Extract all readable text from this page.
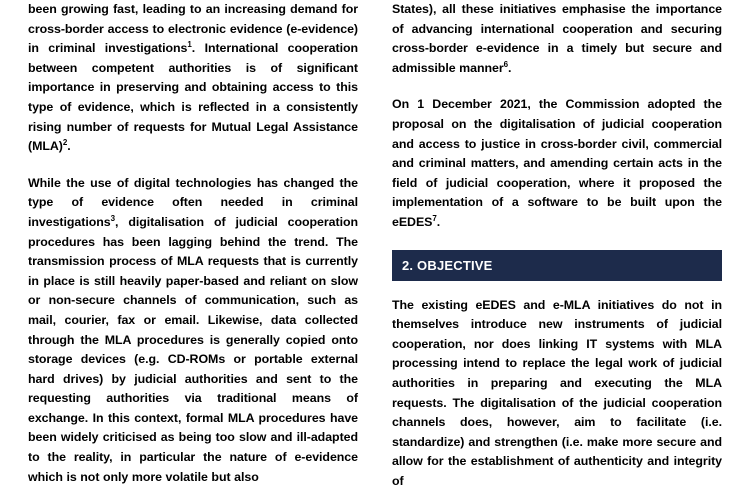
been growing fast, leading to an increasing demand for cross-border access to electronic evidence (e-evidence) in criminal investigations$^1$. International cooperation between competent authorities is of significant importance in preserving and obtaining access to this type of evidence, which is reflected in a consistently rising number of requests for Mutual Legal Assistance (MLA)$^2$.

While the use of digital technologies has changed the type of evidence often needed in criminal investigations$^3$, digitalisation of judicial cooperation procedures has been lagging behind the trend. The transmission process of MLA requests that is currently in place is still heavily paper-based and reliant on slow or non-secure channels of communication, such as mail, courier, fax or email. Likewise, data collected through the MLA procedures is generally copied onto storage devices (e.g. CD-ROMs or portable external hard drives) by judicial authorities and sent to the requesting authorities via traditional means of exchange. In this context, formal MLA procedures have been widely criticised as being too slow and ill-adapted to the reality, in particular the nature of e-evidence which is not only more volatile but also

States), all these initiatives emphasise the importance of advancing international cooperation and securing cross-border e-evidence in a timely but secure and admissible manner$^6$.

On 1 December 2021, the Commission adopted the proposal on the digitalisation of judicial cooperation and access to justice in cross-border civil, commercial and criminal matters, and amending certain acts in the field of judicial cooperation, where it proposed the implementation of a software to be built upon the eEDES$^7$.

2. OBJECTIVE

The existing eEDES and e-MLA initiatives do not in themselves introduce new instruments of judicial cooperation, nor does linking IT systems with MLA processing intend to replace the legal work of judicial authorities in preparing and executing the MLA requests. The digitalisation of the judicial cooperation channels does, however, aim to facilitate (i.e. standardize) and strengthen (i.e. make more secure and allow for the establishment of authenticity and integrity of
